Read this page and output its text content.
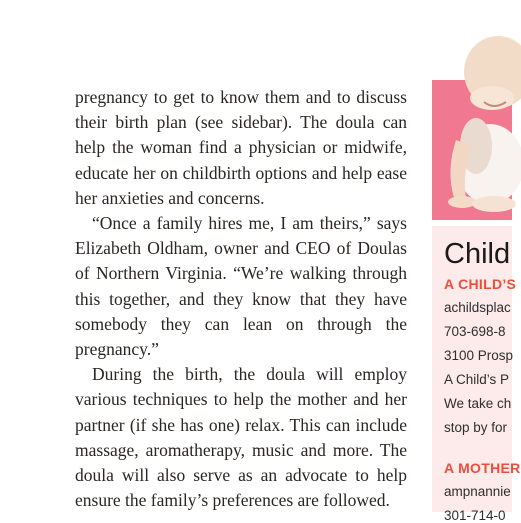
pregnancy to get to know them and to discuss their birth plan (see sidebar). The doula can help the woman find a physician or midwife, educate her on childbirth options and help ease her anxieties and concerns.

“Once a family hires me, I am theirs,” says Elizabeth Oldham, owner and CEO of Doulas of Northern Virginia. “We’re walking through this together, and they know that they have somebody they can lean on through the pregnancy.”

During the birth, the doula will employ various techniques to help the mother and her partner (if she has one) relax. This can include massage, aromatherapy, music and more. The doula will also serve as an advocate to help ensure the family’s preferences are followed.

Child
A CHILD’S
achildsplac
703-698-8
3100 Prosp
A Child’s P
We take ch
stop by for
A MOTHER
ampnannie
301-714-0
